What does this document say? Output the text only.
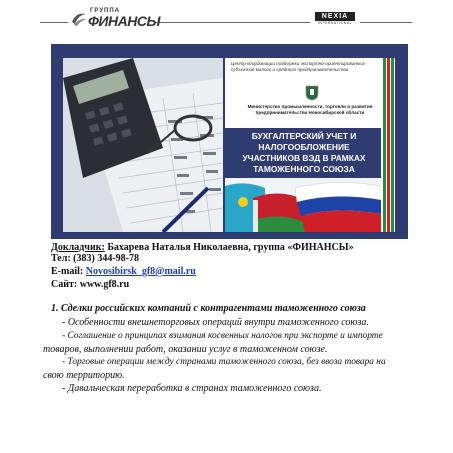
ГРУППА
ФИНАНСЫ	NEXIA
INTERNATIONAL
Центр координации поддержки экспортно-ориентированных субъектов малого и среднего предпринимательства
Министерство промышленности, торговли и развития предпринимательства Новосибирской области
БУХГАЛТЕРСКИЙ УЧЕТ И
НАЛОГООБЛОЖЕНИЕ
УЧАСТНИКОВ ВЭД В РАМКАХ
ТАМОЖЕННОГО СОЮЗА
Докладчик: Бахарева Наталья Николаевна, группа «ФИНАНСЫ»
Тел: (383) 344-98-78
E-mail: Novosibirsk_gf8@mail.ru
Сайт: www.gf8.ru
1. Сделки российских компаний с контрагентами таможенного союза
- Особенности внешнеторговых операций внутри таможенного союза.
- Соглашение о принципах взимания косвенных налогов при экспорте и импорте
товаров, выполнении работ, оказании услуг в таможенном союзе.
- Торговые операции между странами таможенного союза, без ввоза товара на
свою территорию.
- Давальческая переработка в странах таможенного союза.
